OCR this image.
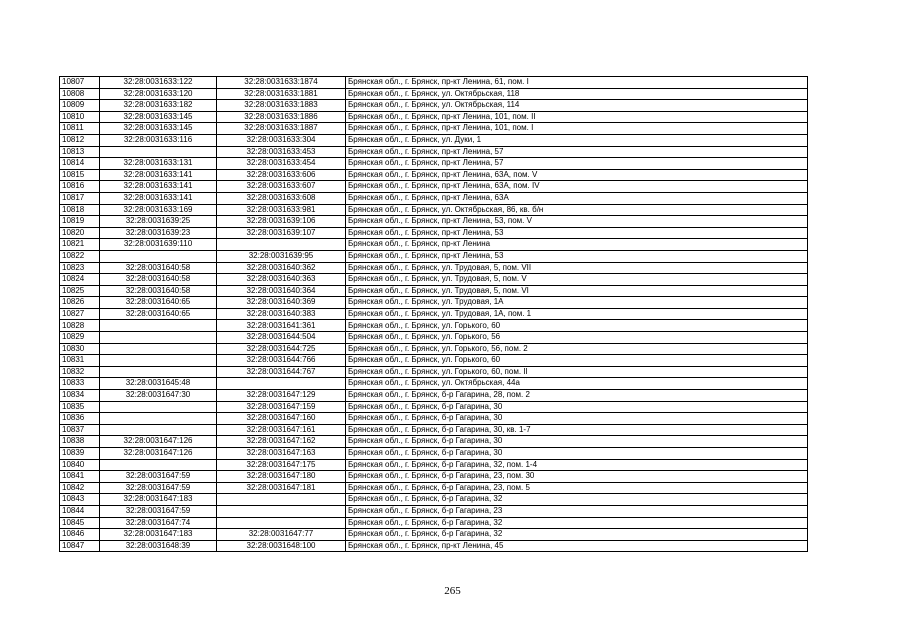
10807	32:28:0031633:122	32:28:0031633:1874	Брянская обл., г. Брянск, пр-кт Ленина, 61, пом. I
10808	32:28:0031633:120	32:28:0031633:1881	Брянская обл., г. Брянск, ул. Октябрьская, 118
10809	32:28:0031633:182	32:28:0031633:1883	Брянская обл., г. Брянск, ул. Октябрьская, 114
10810	32:28:0031633:145	32:28:0031633:1886	Брянская обл., г. Брянск, пр-кт Ленина, 101, пом. II
10811	32:28:0031633:145	32:28:0031633:1887	Брянская обл., г. Брянск, пр-кт Ленина, 101, пом. I
10812	32:28:0031633:116	32:28:0031633:304	Брянская обл., г. Брянск, ул. Дуки, 1
10813		32:28:0031633:453	Брянская обл., г. Брянск, пр-кт Ленина, 57
10814	32:28:0031633:131	32:28:0031633:454	Брянская обл., г. Брянск, пр-кт Ленина, 57
10815	32:28:0031633:141	32:28:0031633:606	Брянская обл., г. Брянск, пр-кт Ленина, 63А, пом. V
10816	32:28:0031633:141	32:28:0031633:607	Брянская обл., г. Брянск, пр-кт Ленина, 63А, пом. IV
10817	32:28:0031633:141	32:28:0031633:608	Брянская обл., г. Брянск, пр-кт Ленина, 63А
10818	32:28:0031633:169	32:28:0031633:981	Брянская обл., г. Брянск, ул. Октябрьская, 86, кв. б/н
10819	32:28:0031639:25	32:28:0031639:106	Брянская обл., г. Брянск, пр-кт Ленина, 53, пом. V
10820	32:28:0031639:23	32:28:0031639:107	Брянская обл., г. Брянск, пр-кт Ленина, 53
10821	32:28:0031639:110		Брянская обл., г. Брянск, пр-кт Ленина
10822		32:28:0031639:95	Брянская обл., г. Брянск, пр-кт Ленина, 53
10823	32:28:0031640:58	32:28:0031640:362	Брянская обл., г. Брянск, ул. Трудовая, 5, пом. VII
10824	32:28:0031640:58	32:28:0031640:363	Брянская обл., г. Брянск, ул. Трудовая, 5, пом. V
10825	32:28:0031640:58	32:28:0031640:364	Брянская обл., г. Брянск, ул. Трудовая, 5, пом. VI
10826	32:28:0031640:65	32:28:0031640:369	Брянская обл., г. Брянск, ул. Трудовая, 1А
10827	32:28:0031640:65	32:28:0031640:383	Брянская обл., г. Брянск, ул. Трудовая, 1А, пом. 1
10828		32:28:0031641:361	Брянская обл., г. Брянск, ул. Горького, 60
10829		32:28:0031644:504	Брянская обл., г. Брянск, ул. Горького, 56
10830		32:28:0031644:725	Брянская обл., г. Брянск, ул. Горького, 56, пом. 2
10831		32:28:0031644:766	Брянская обл., г. Брянск, ул. Горького, 60
10832		32:28:0031644:767	Брянская обл., г. Брянск, ул. Горького, 60, пом. II
10833	32:28:0031645:48		Брянская обл., г. Брянск, ул. Октябрьская, 44а
10834	32:28:0031647:30	32:28:0031647:129	Брянская обл., г. Брянск, б-р Гагарина, 28, пом. 2
10835		32:28:0031647:159	Брянская обл., г. Брянск, б-р Гагарина, 30
10836		32:28:0031647:160	Брянская обл., г. Брянск, б-р Гагарина, 30
10837		32:28:0031647:161	Брянская обл., г. Брянск, б-р Гагарина, 30, кв. 1-7
10838	32:28:0031647:126	32:28:0031647:162	Брянская обл., г. Брянск, б-р Гагарина, 30
10839	32:28:0031647:126	32:28:0031647:163	Брянская обл., г. Брянск, б-р Гагарина, 30
10840		32:28:0031647:175	Брянская обл., г. Брянск, б-р Гагарина, 32, пом. 1-4
10841	32:28:0031647:59	32:28:0031647:180	Брянская обл., г. Брянск, б-р Гагарина, 23, пом. 30
10842	32:28:0031647:59	32:28:0031647:181	Брянская обл., г. Брянск, б-р Гагарина, 23, пом. 5
10843	32:28:0031647:183		Брянская обл., г. Брянск, б-р Гагарина, 32
10844	32:28:0031647:59		Брянская обл., г. Брянск, б-р Гагарина, 23
10845	32:28:0031647:74		Брянская обл., г. Брянск, б-р Гагарина, 32
10846	32:28:0031647:183	32:28:0031647:77	Брянская обл., г. Брянск, б-р Гагарина, 32
10847	32:28:0031648:39	32:28:0031648:100	Брянская обл., г. Брянск, пр-кт Ленина, 45
265
